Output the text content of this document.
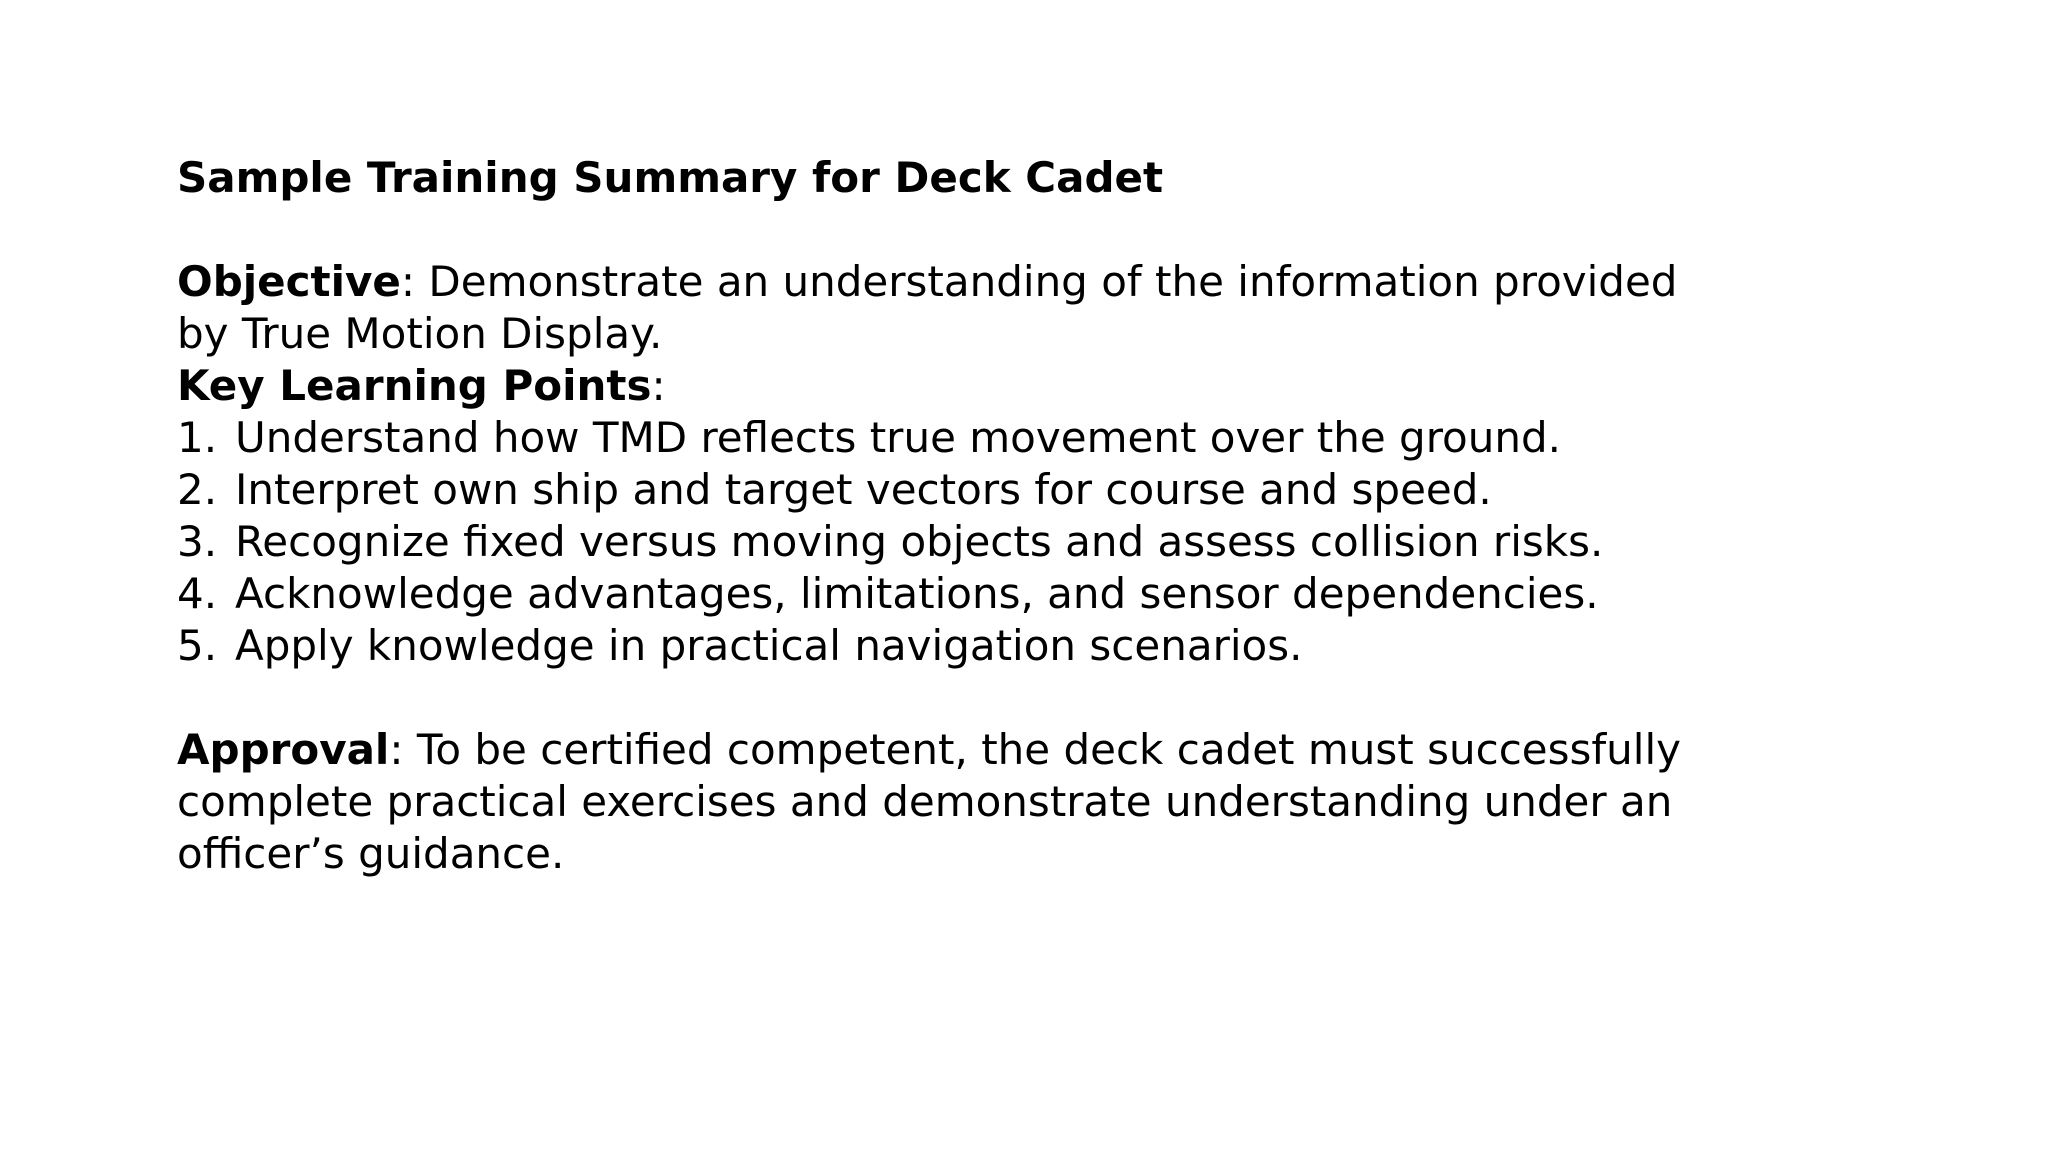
Sample Training Summary for Deck Cadet

Objective: Demonstrate an understanding of the information provided by True Motion Display.

Key Learning Points:

1. Understand how TMD reflects true movement over the ground.
2. Interpret own ship and target vectors for course and speed.
3. Recognize fixed versus moving objects and assess collision risks.
4. Acknowledge advantages, limitations, and sensor dependencies.
5. Apply knowledge in practical navigation scenarios.

Approval: To be certified competent, the deck cadet must successfully complete practical exercises and demonstrate understanding under an officer’s guidance.
